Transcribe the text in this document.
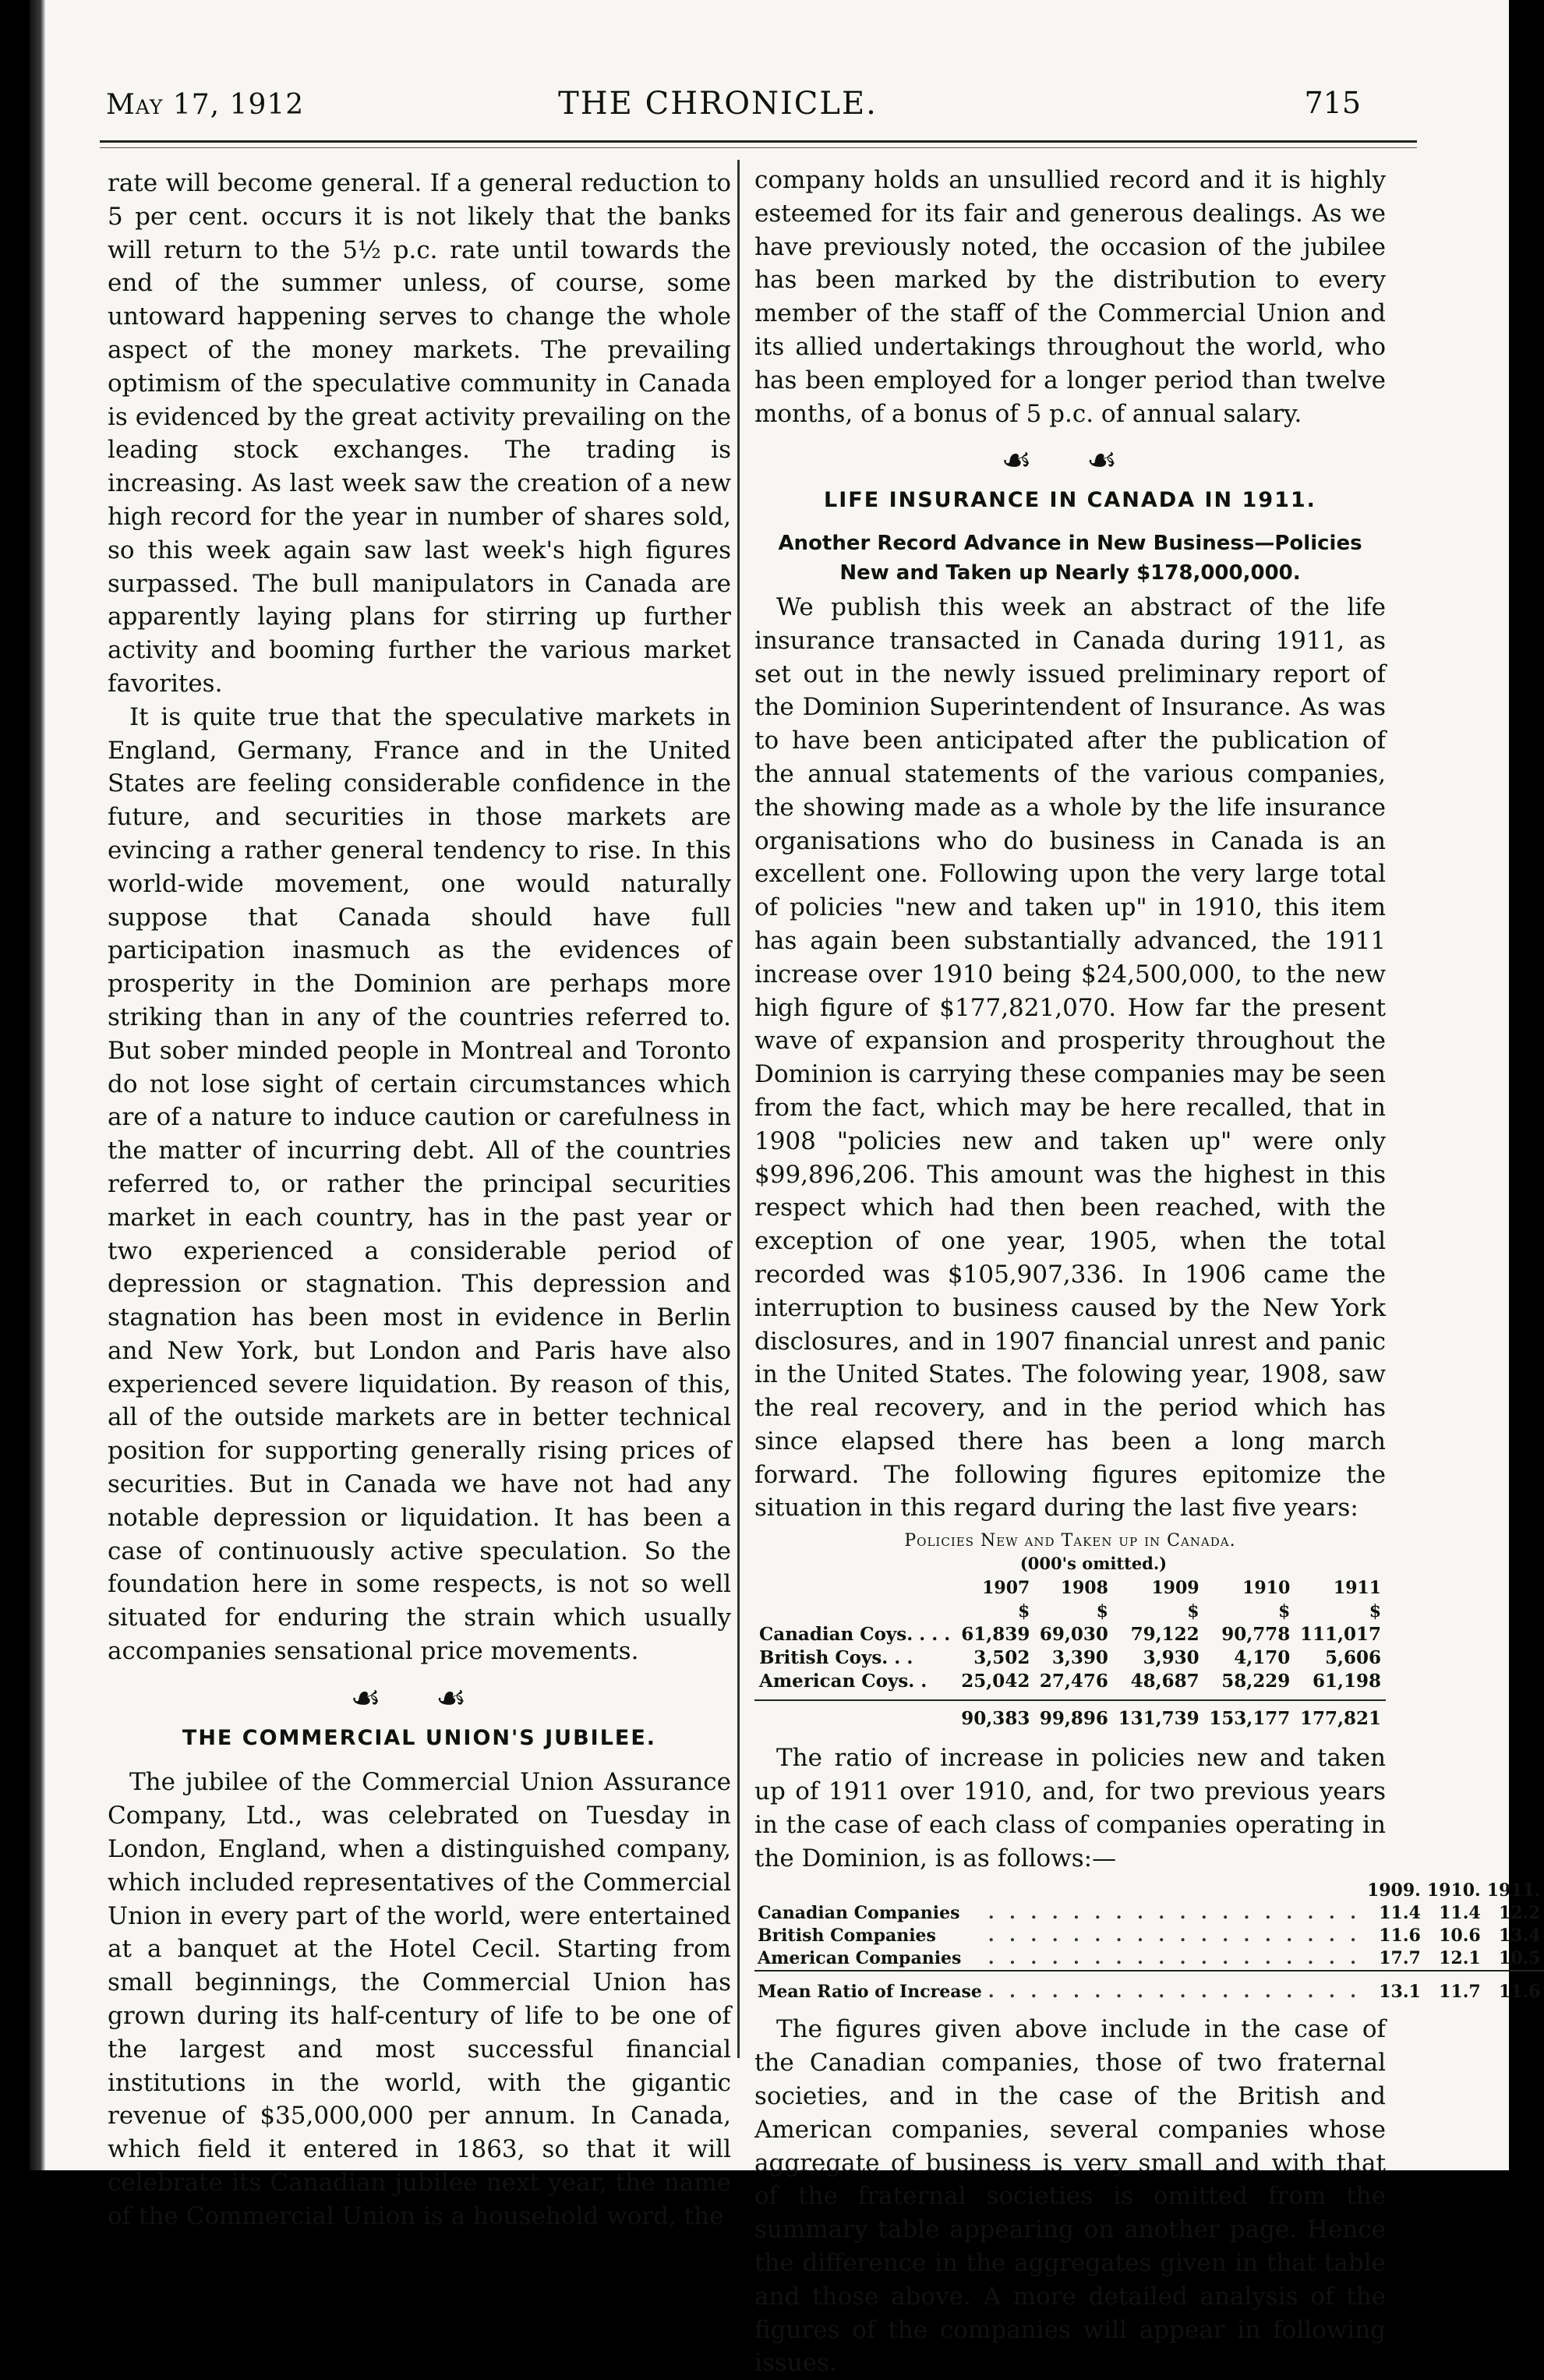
May 17, 1912	THE CHRONICLE.	715

rate will become general. If a general reduction to 5 per cent. occurs it is not likely that the banks will return to the 5½ p.c. rate until towards the end of the summer unless, of course, some untoward happening serves to change the whole aspect of the money markets. The prevailing optimism of the speculative community in Canada is evidenced by the great activity prevailing on the leading stock exchanges. The trading is increasing. As last week saw the creation of a new high record for the year in number of shares sold, so this week again saw last week's high figures surpassed. The bull manipulators in Canada are apparently laying plans for stirring up further activity and booming further the various market favorites.

It is quite true that the speculative markets in England, Germany, France and in the United States are feeling considerable confidence in the future, and securities in those markets are evincing a rather general tendency to rise. In this world-wide movement, one would naturally suppose that Canada should have full participation inasmuch as the evidences of prosperity in the Dominion are perhaps more striking than in any of the countries referred to. But sober minded people in Montreal and Toronto do not lose sight of certain circumstances which are of a nature to induce caution or carefulness in the matter of incurring debt. All of the countries referred to, or rather the principal securities market in each country, has in the past year or two experienced a considerable period of depression or stagnation. This depression and stagnation has been most in evidence in Berlin and New York, but London and Paris have also experienced severe liquidation. By reason of this, all of the outside markets are in better technical position for supporting generally rising prices of securities. But in Canada we have not had any notable depression or liquidation. It has been a case of continuously active speculation. So the foundation here in some respects, is not so well situated for enduring the strain which usually accompanies sensational price movements.

☙ ☙
THE COMMERCIAL UNION'S JUBILEE.

The jubilee of the Commercial Union Assurance Company, Ltd., was celebrated on Tuesday in London, England, when a distinguished company, which included representatives of the Commercial Union in every part of the world, were entertained at a banquet at the Hotel Cecil. Starting from small beginnings, the Commercial Union has grown during its half-century of life to be one of the largest and most successful financial institutions in the world, with the gigantic revenue of $35,000,000 per annum. In Canada, which field it entered in 1863, so that it will celebrate its Canadian jubilee next year, the name of the Commercial Union is a household word, the

company holds an unsullied record and it is highly esteemed for its fair and generous dealings. As we have previously noted, the occasion of the jubilee has been marked by the distribution to every member of the staff of the Commercial Union and its allied undertakings throughout the world, who has been employed for a longer period than twelve months, of a bonus of 5 p.c. of annual salary.

☙ ☙
LIFE INSURANCE IN CANADA IN 1911.
Another Record Advance in New Business—Policies New and Taken up Nearly $178,000,000.

We publish this week an abstract of the life insurance transacted in Canada during 1911, as set out in the newly issued preliminary report of the Dominion Superintendent of Insurance. As was to have been anticipated after the publication of the annual statements of the various companies, the showing made as a whole by the life insurance organisations who do business in Canada is an excellent one. Following upon the very large total of policies "new and taken up" in 1910, this item has again been substantially advanced, the 1911 increase over 1910 being $24,500,000, to the new high figure of $177,821,070. How far the present wave of expansion and prosperity throughout the Dominion is carrying these companies may be seen from the fact, which may be here recalled, that in 1908 "policies new and taken up" were only $99,896,206. This amount was the highest in this respect which had then been reached, with the exception of one year, 1905, when the total recorded was $105,907,336. In 1906 came the interruption to business caused by the New York disclosures, and in 1907 financial unrest and panic in the United States. The folowing year, 1908, saw the real recovery, and in the period which has since elapsed there has been a long march forward. The following figures epitomize the situation in this regard during the last five years:

Policies New and Taken up in Canada.
(000's omitted.)
	1907	1908	1909	1910	1911
	$	$	$	$	$
Canadian Coys. . . .	61,839	69,030	79,122	90,778	111,017
British Coys. . .	3,502	3,390	3,930	4,170	5,606
American Coys. .	25,042	27,476	48,687	58,229	61,198
	90,383	99,896	131,739	153,177	177,821

The ratio of increase in policies new and taken up of 1911 over 1910, and, for two previous years in the case of each class of companies operating in the Dominion, is as follows:—

		1909.	1910.	1911.
Canadian Companies	. . . . . . . . . . . . . . . . . .	11.4	11.4	12.2
British Companies	. . . . . . . . . . . . . . . . . .	11.6	10.6	13.4
American Companies	. . . . . . . . . . . . . . . . . .	17.7	12.1	10.5
Mean Ratio of Increase	. . . . . . . . . . . . . . . . . .	13.1	11.7	11.6

The figures given above include in the case of the Canadian companies, those of two fraternal societies, and in the case of the British and American companies, several companies whose aggregate of business is very small and with that of the fraternal societies is omitted from the summary table appearing on another page. Hence the difference in the aggregates given in that table and those above. A more detailed analysis of the figures of the companies will appear in following issues.
